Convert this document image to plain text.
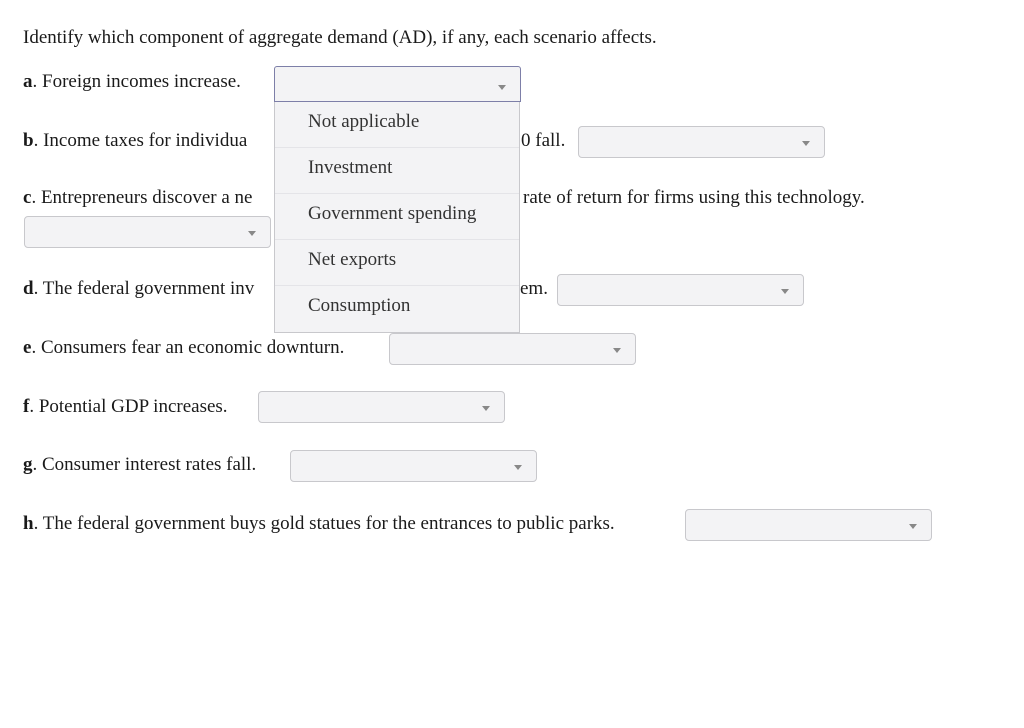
Identify which component of aggregate demand (AD), if any, each scenario affects.
a. Foreign incomes increase.
b. Income taxes for individua	0 fall.
c. Entrepreneurs discover a ne	rate of return for firms using this technology.
d. The federal government inv	em.
e. Consumers fear an economic downturn.
f. Potential GDP increases.
g. Consumer interest rates fall.
h. The federal government buys gold statues for the entrances to public parks.
Not applicable
Investment
Government spending
Net exports
Consumption
